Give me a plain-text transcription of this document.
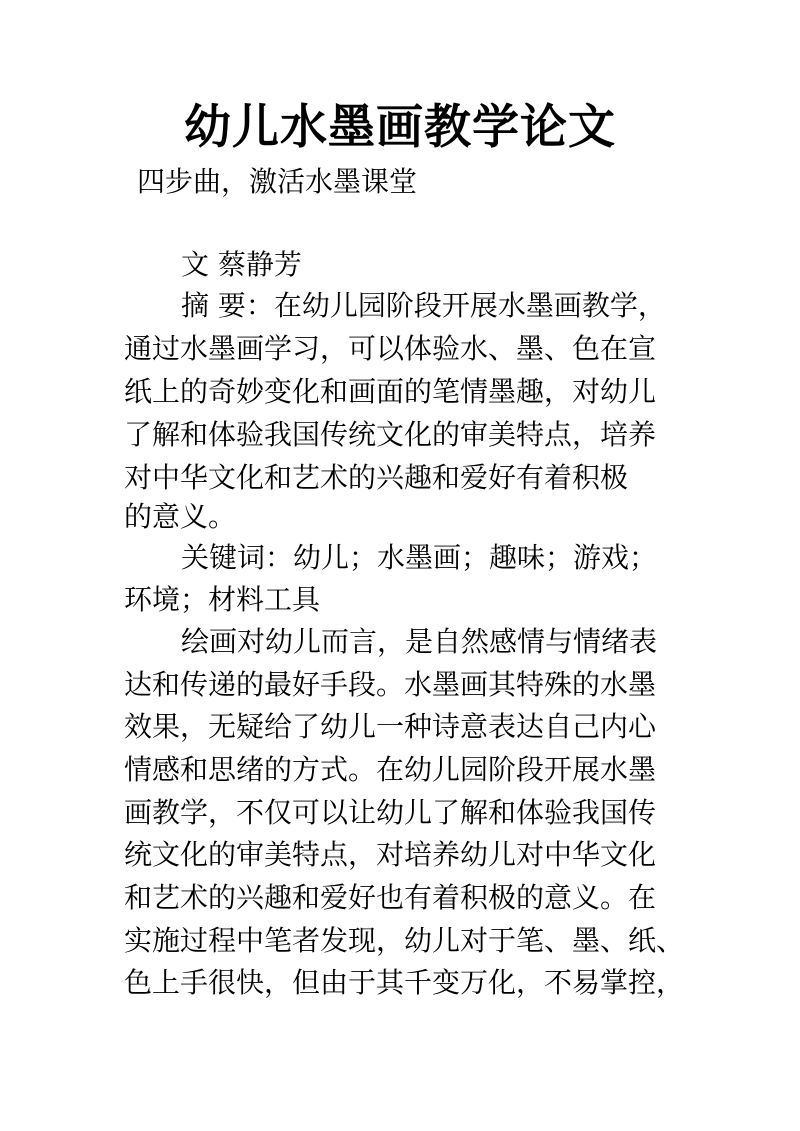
幼儿水墨画教学论文
四步曲，激活水墨课堂
文 蔡静芳
摘 要：在幼儿园阶段开展水墨画教学，
通过水墨画学习，可以体验水、墨、色在宣
纸上的奇妙变化和画面的笔情墨趣，对幼儿
了解和体验我国传统文化的审美特点，培养
对中华文化和艺术的兴趣和爱好有着积极
的意义。
关键词：幼儿；水墨画；趣味；游戏；
环境；材料工具
绘画对幼儿而言，是自然感情与情绪表
达和传递的最好手段。水墨画其特殊的水墨
效果，无疑给了幼儿一种诗意表达自己内心
情感和思绪的方式。在幼儿园阶段开展水墨
画教学，不仅可以让幼儿了解和体验我国传
统文化的审美特点，对培养幼儿对中华文化
和艺术的兴趣和爱好也有着积极的意义。在
实施过程中笔者发现，幼儿对于笔、墨、纸、
色上手很快，但由于其千变万化，不易掌控，
